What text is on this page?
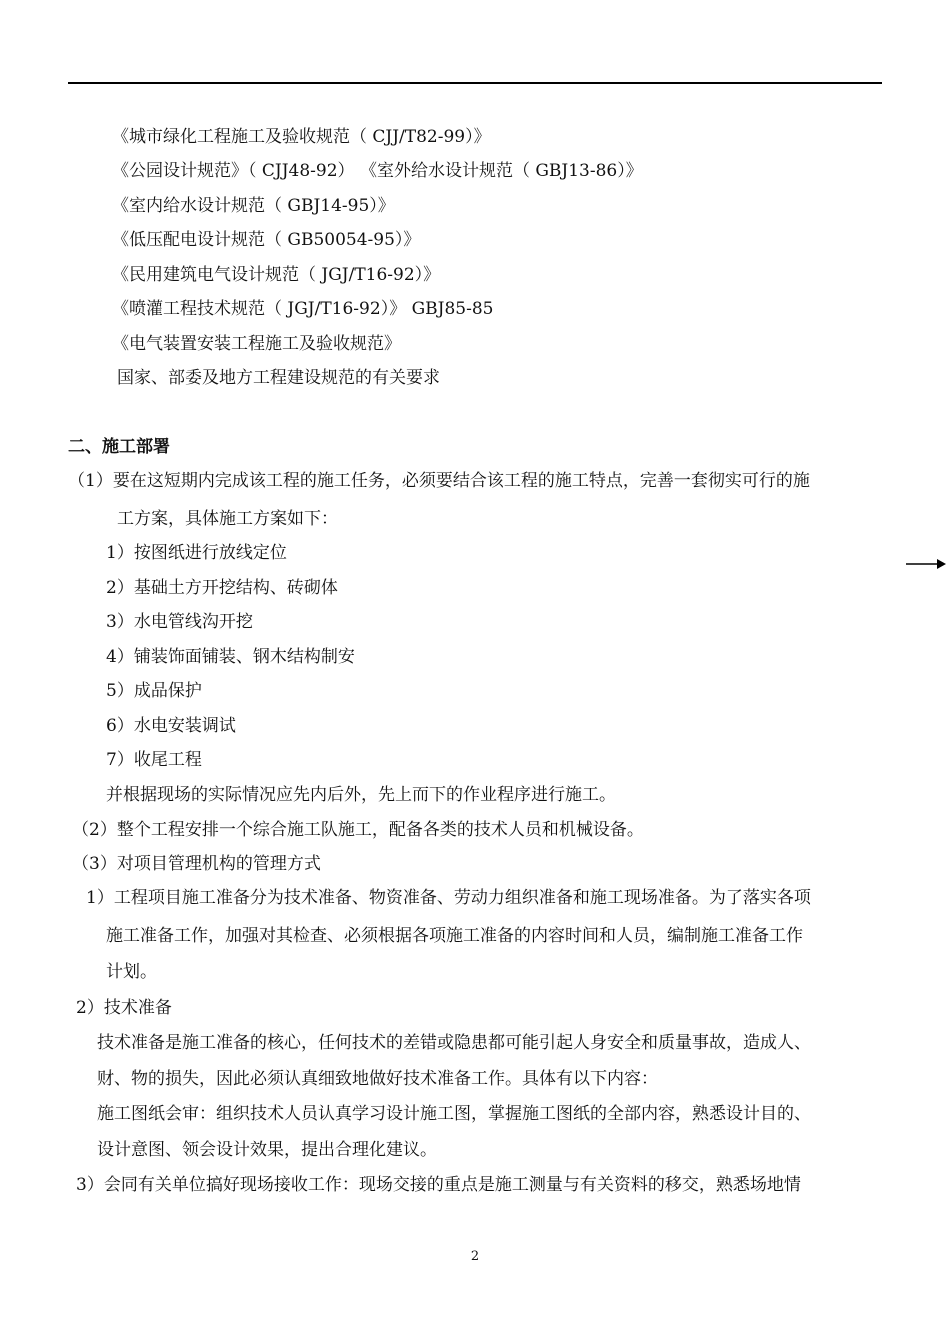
《城市绿化工程施工及验收规范（ CJJ/T82-99）》
《公园设计规范》（ CJJ48-92） 《室外给水设计规范（ GBJ13-86）》
《室内给水设计规范（ GBJ14-95）》
《低压配电设计规范（ GB50054-95）》
《民用建筑电气设计规范（ JGJ/T16-92）》
《喷灌工程技术规范（ JGJ/T16-92）》 GBJ85-85
《电气装置安装工程施工及验收规范》
国家、部委及地方工程建设规范的有关要求
二、施工部署
（1）要在这短期内完成该工程的施工任务，必须要结合该工程的施工特点，完善一套彻实可行的施
工方案，具体施工方案如下：
1）按图纸进行放线定位
2）基础土方开挖结构、砖砌体
3）水电管线沟开挖
4）铺装饰面铺装、钢木结构制安
5）成品保护
6）水电安装调试
7）收尾工程
并根据现场的实际情况应先内后外，先上而下的作业程序进行施工。
（2）整个工程安排一个综合施工队施工，配备各类的技术人员和机械设备。
（3）对项目管理机构的管理方式
1）工程项目施工准备分为技术准备、物资准备、劳动力组织准备和施工现场准备。为了落实各项
施工准备工作，加强对其检查、必须根据各项施工准备的内容时间和人员，编制施工准备工作
计划。
2）技术准备
技术准备是施工准备的核心，任何技术的差错或隐患都可能引起人身安全和质量事故，造成人、
财、物的损失，因此必须认真细致地做好技术准备工作。具体有以下内容：
施工图纸会审：组织技术人员认真学习设计施工图，掌握施工图纸的全部内容，熟悉设计目的、
设计意图、领会设计效果，提出合理化建议。
3）会同有关单位搞好现场接收工作：现场交接的重点是施工测量与有关资料的移交，熟悉场地情
2
